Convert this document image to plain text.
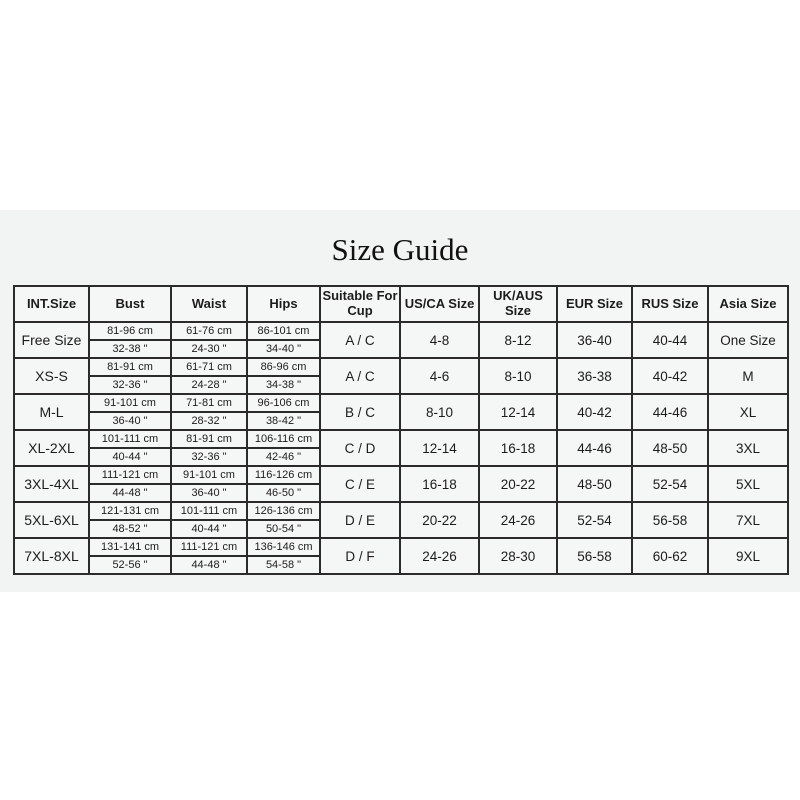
Size Guide
INT.Size	Bust	Waist	Hips	Suitable For Cup	US/CA Size	UK/AUS Size	EUR Size	RUS Size	Asia Size
Free Size	81-96 cm	61-76 cm	86-101 cm	A / C	4-8	8-12	36-40	40-44	One Size
	32-38 "	24-30 "	34-40 "						
XS-S	81-91 cm	61-71 cm	86-96 cm	A / C	4-6	8-10	36-38	40-42	M
	32-36 "	24-28 "	34-38 "						
M-L	91-101 cm	71-81 cm	96-106 cm	B / C	8-10	12-14	40-42	44-46	XL
	36-40 "	28-32 "	38-42 "						
XL-2XL	101-111 cm	81-91 cm	106-116 cm	C / D	12-14	16-18	44-46	48-50	3XL
	40-44 "	32-36 "	42-46 "						
3XL-4XL	111-121 cm	91-101 cm	116-126 cm	C / E	16-18	20-22	48-50	52-54	5XL
	44-48 "	36-40 "	46-50 "						
5XL-6XL	121-131 cm	101-111 cm	126-136 cm	D / E	20-22	24-26	52-54	56-58	7XL
	48-52 "	40-44 "	50-54 "						
7XL-8XL	131-141 cm	111-121 cm	136-146 cm	D / F	24-26	28-30	56-58	60-62	9XL
	52-56 "	44-48 "	54-58 "						
